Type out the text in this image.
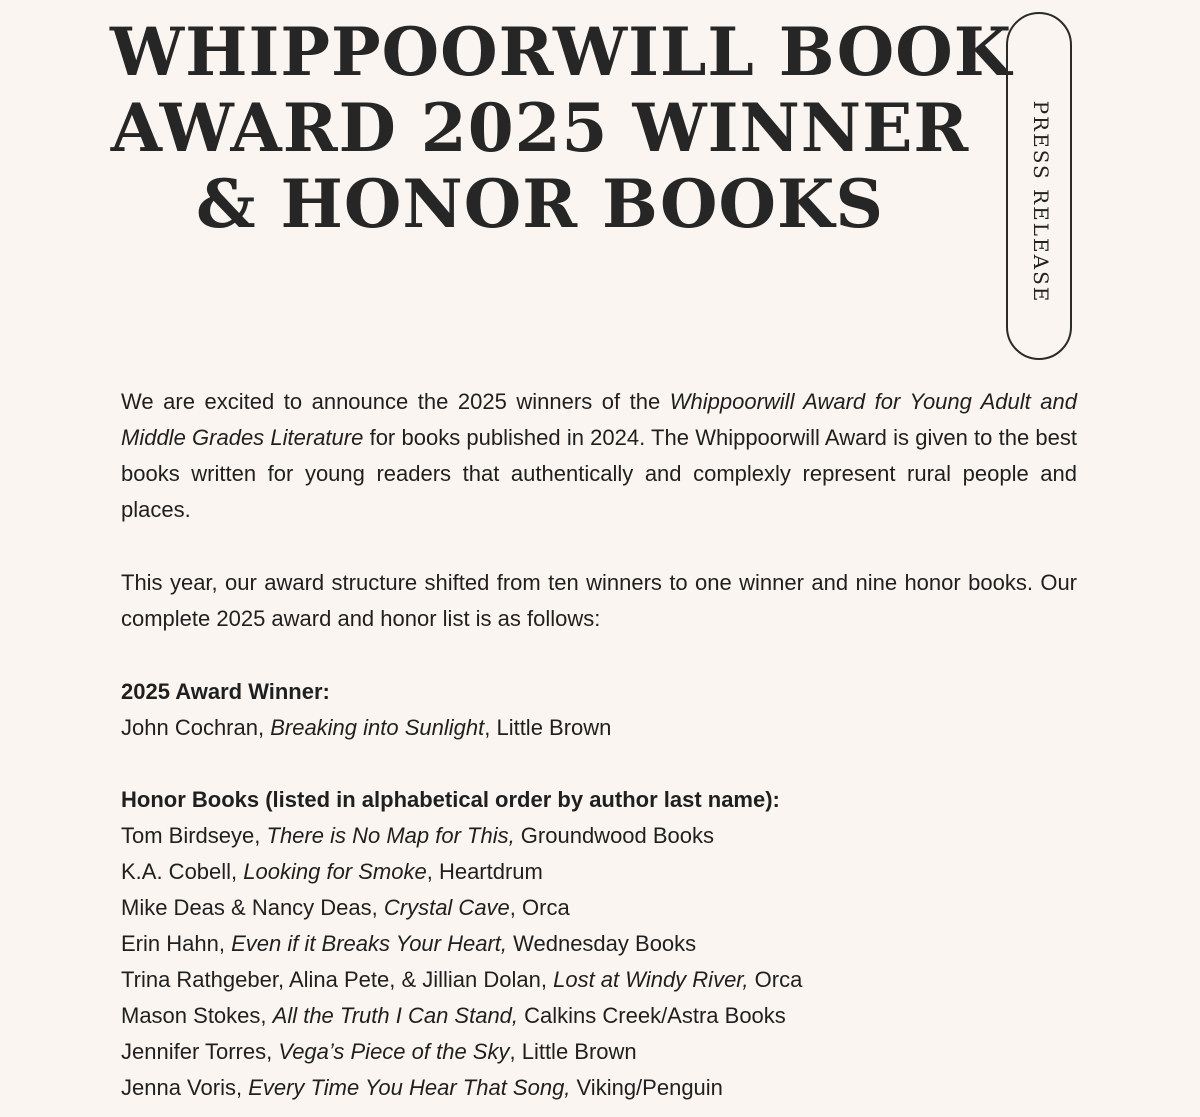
WHIPPOORWILL BOOK
AWARD 2025 WINNER
& HONOR BOOKS	PRESS RELEASE

We are excited to announce the 2025 winners of the Whippoorwill Award for Young Adult and Middle Grades Literature for books published in 2024. The Whippoorwill Award is given to the best books written for young readers that authentically and complexly represent rural people and places.

This year, our award structure shifted from ten winners to one winner and nine honor books. Our complete 2025 award and honor list is as follows:

2025 Award Winner:
John Cochran, Breaking into Sunlight, Little Brown
Honor Books (listed in alphabetical order by author last name):
Tom Birdseye, There is No Map for This, Groundwood Books
K.A. Cobell, Looking for Smoke, Heartdrum
Mike Deas & Nancy Deas, Crystal Cave, Orca
Erin Hahn, Even if it Breaks Your Heart, Wednesday Books
Trina Rathgeber, Alina Pete, & Jillian Dolan, Lost at Windy River, Orca
Mason Stokes, All the Truth I Can Stand, Calkins Creek/Astra Books
Jennifer Torres, Vega’s Piece of the Sky, Little Brown
Jenna Voris, Every Time You Hear That Song, Viking/Penguin
